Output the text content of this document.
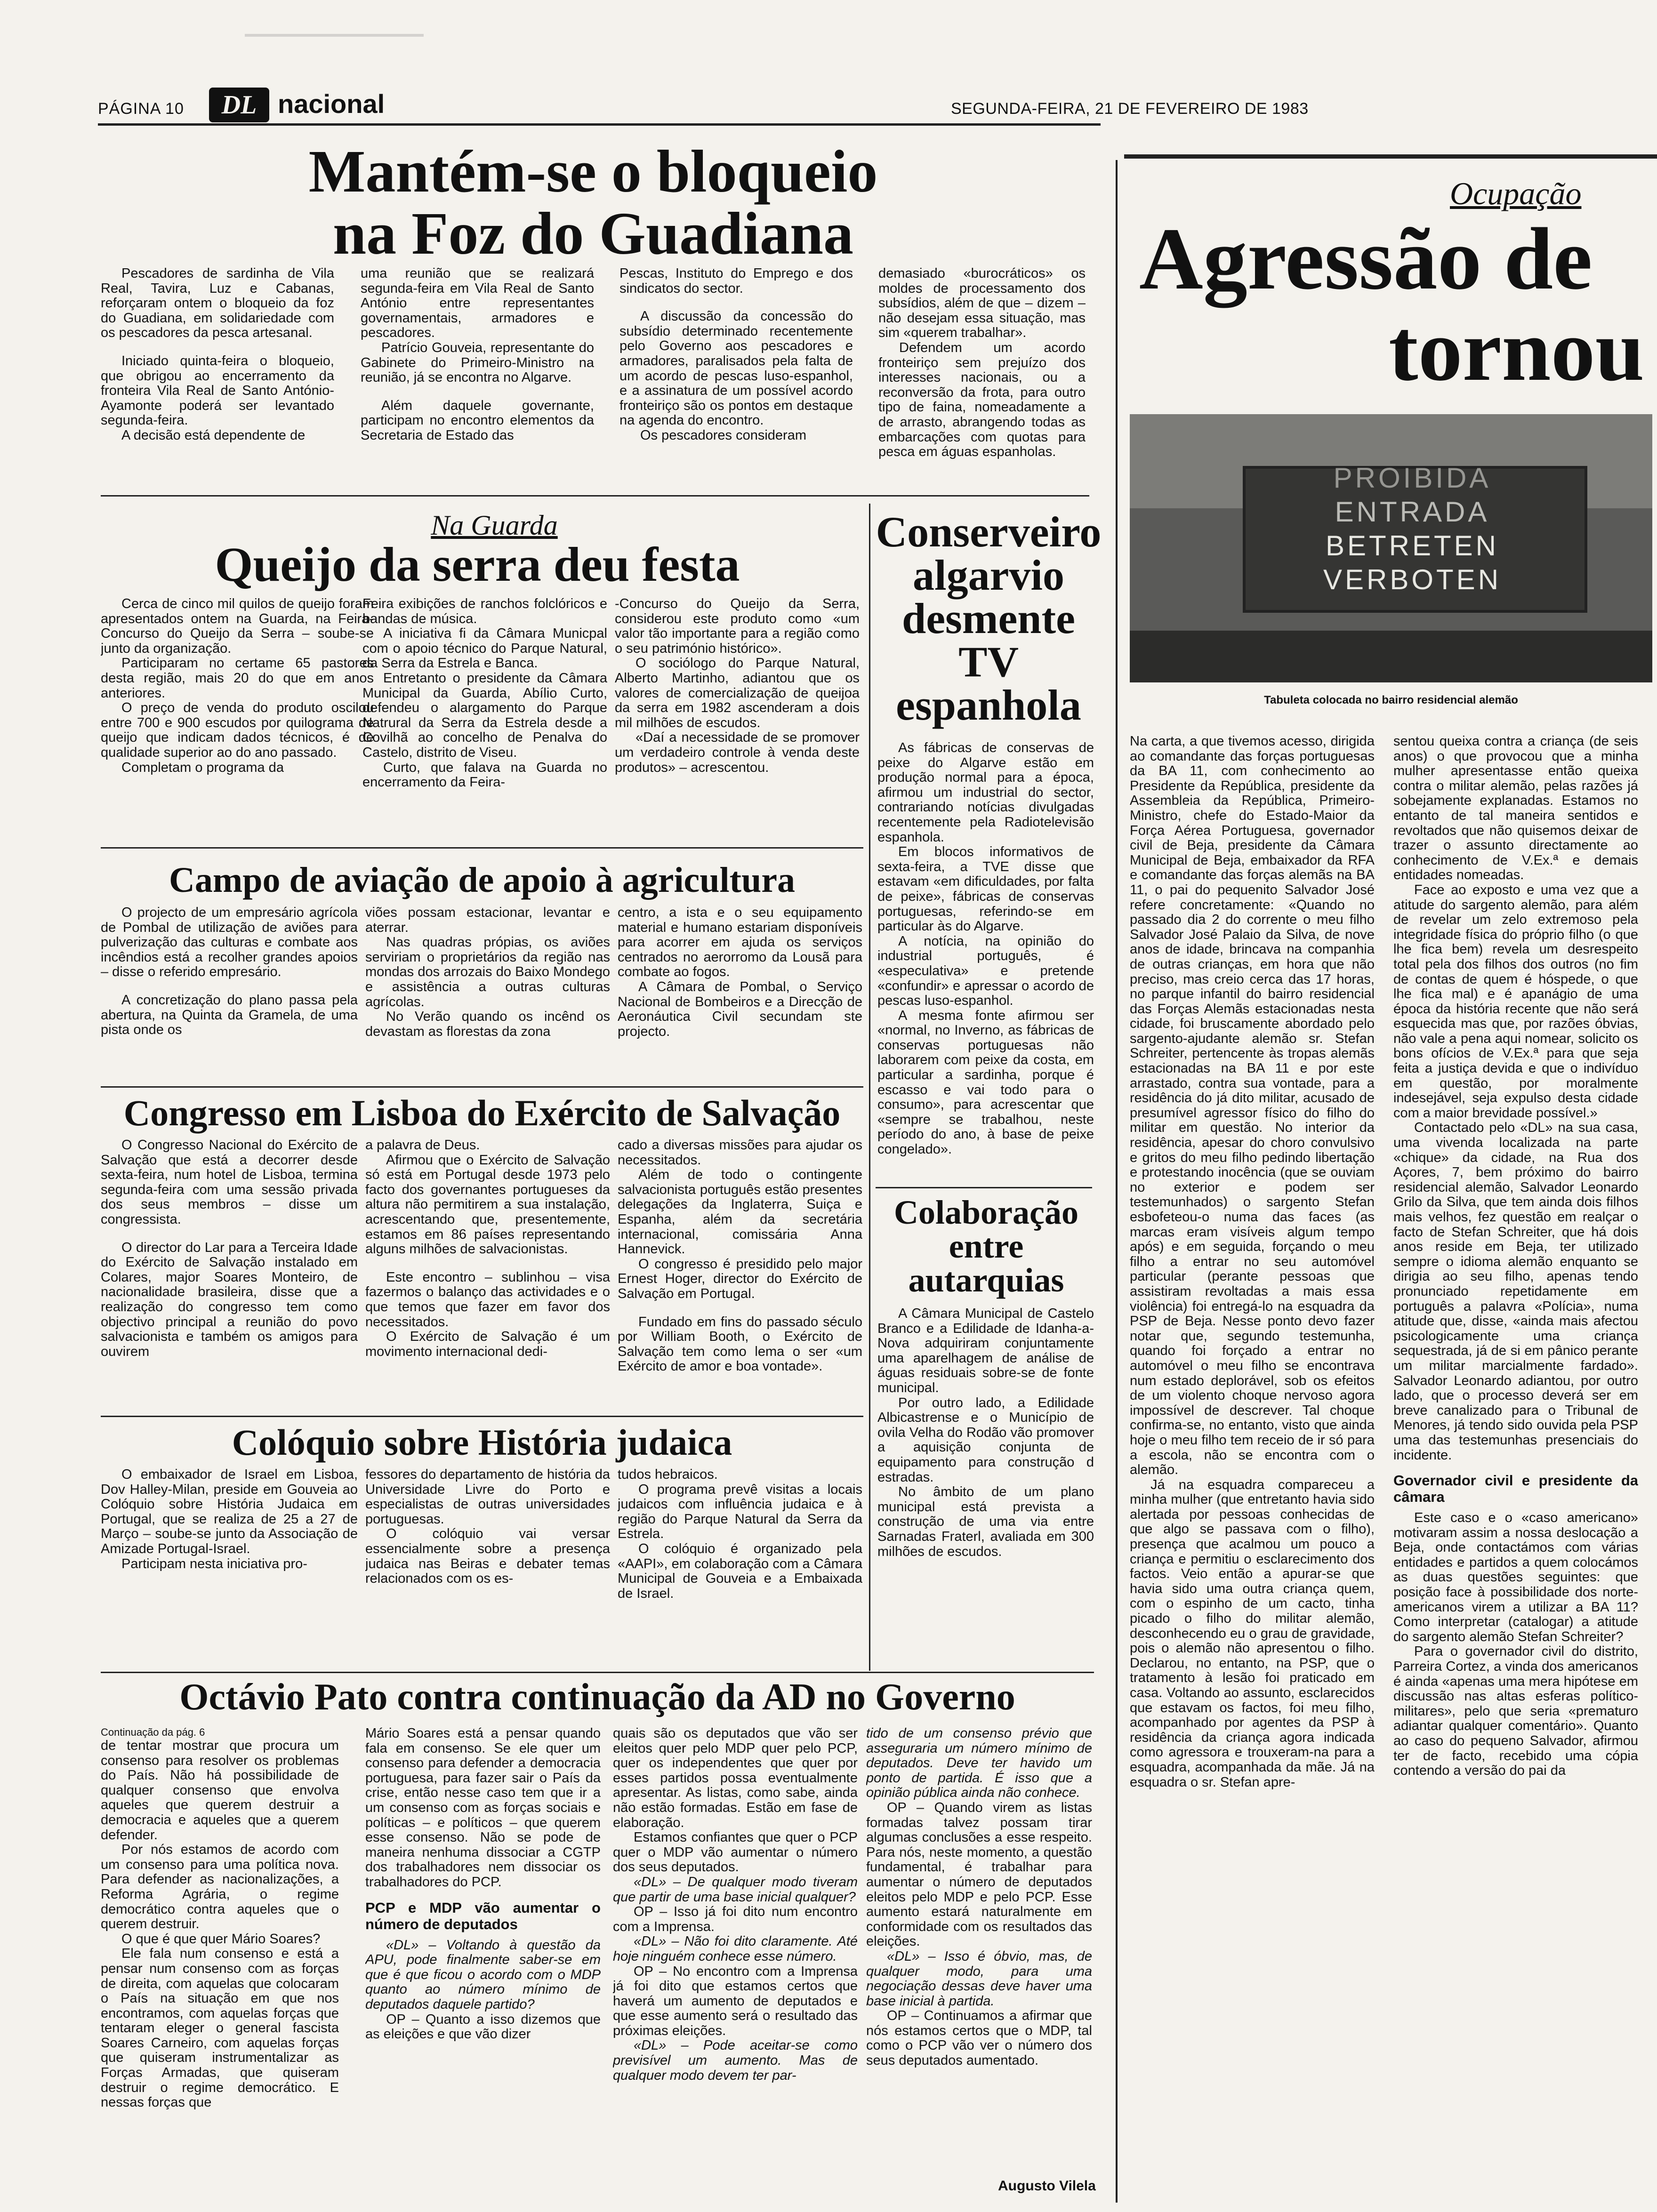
PÁGINA 10	DL nacional	SEGUNDA-FEIRA, 21 DE FEVEREIRO DE 1983
Mantém-se o bloqueio
na Foz do Guadiana

Pescadores de sardinha de Vila Real, Tavira, Luz e Cabanas, reforçaram ontem o bloqueio da foz do Guadiana, em solidariedade com os pescadores da pesca artesanal.

Iniciado quinta-feira o bloqueio, que obrigou ao encerramento da fronteira Vila Real de Santo António-Ayamonte poderá ser levantado segunda-feira.

A decisão está dependente de

uma reunião que se realizará segunda-feira em Vila Real de Santo António entre representantes governamentais, armadores e pescadores.

Patrício Gouveia, representante do Gabinete do Primeiro-Ministro na reunião, já se encontra no Algarve.

Além daquele governante, participam no encontro elementos da Secretaria de Estado das

Pescas, Instituto do Emprego e dos sindicatos do sector.

A discussão da concessão do subsídio determinado recentemente pelo Governo aos pescadores e armadores, paralisados pela falta de um acordo de pescas luso-espanhol, e a assinatura de um possível acordo fronteiriço são os pontos em destaque na agenda do encontro.

Os pescadores consideram

demasiado «burocráticos» os moldes de processamento dos subsídios, além de que – dizem – não desejam essa situação, mas sim «querem trabalhar».

Defendem um acordo fronteiriço sem prejuízo dos interesses nacionais, ou a reconversão da frota, para outro tipo de faina, nomeadamente a de arrasto, abrangendo todas as embarcações com quotas para pesca em águas espanholas.

Na Guarda
Queijo da serra deu festa

Cerca de cinco mil quilos de queijo foram apresentados ontem na Guarda, na Feira-Concurso do Queijo da Serra – soube-se junto da organização.

Participaram no certame 65 pastores desta região, mais 20 do que em anos anteriores.

O preço de venda do produto oscilou entre 700 e 900 escudos por quilograma de queijo que indicam dados técnicos, é de qualidade superior ao do ano passado.

Completam o programa da

Feira exibições de ranchos folclóricos e bandas de música.

A iniciativa fi da Câmara Municpal com o apoio técnico do Parque Natural, da Serra da Estrela e Banca.

Entretanto o presidente da Câmara Municipal da Guarda, Abílio Curto, defendeu o alargamento do Parque Natrural da Serra da Estrela desde a Covilhã ao concelho de Penalva do Castelo, distrito de Viseu.

Curto, que falava na Guarda no encerramento da Feira-

-Concurso do Queijo da Serra, considerou este produto como «um valor tão importante para a região como o seu património histórico».

O sociólogo do Parque Natural, Alberto Martinho, adiantou que os valores de comercialização de queijoa da serra em 1982 ascenderam a dois mil milhões de escudos.

«Daí a necessidade de se promover um verdadeiro controle à venda deste produtos» – acrescentou.

Conserveiro
algarvio
desmente
TV
espanhola

As fábricas de conservas de peixe do Algarve estão em produção normal para a época, afirmou um industrial do sector, contrariando notícias divulgadas recentemente pela Radiotelevisão espanhola.

Em blocos informativos de sexta-feira, a TVE disse que estavam «em dificuldades, por falta de peixe», fábricas de conservas portuguesas, referindo-se em particular às do Algarve.

A notícia, na opinião do industrial português, é «especulativa» e pretende «confundir» e apressar o acordo de pescas luso-espanhol.

A mesma fonte afirmou ser «normal, no Inverno, as fábricas de conservas portuguesas não laborarem com peixe da costa, em particular a sardinha, porque é escasso e vai todo para o consumo», para acrescentar que «sempre se trabalhou, neste período do ano, à base de peixe congelado».

Campo de aviação de apoio à agricultura

O projecto de um empresário agrícola de Pombal de utilização de aviões para pulverização das culturas e combate aos incêndios está a recolher grandes apoios – disse o referido empresário.

A concretização do plano passa pela abertura, na Quinta da Gramela, de uma pista onde os

viões possam estacionar, levantar e aterrar.

Nas quadras própias, os aviões serviriam o proprietários da região nas mondas dos arrozais do Baixo Mondego e assistência a outras culturas agrícolas.

No Verão quando os incênd os devastam as florestas da zona

centro, a ista e o seu equipamento material e humano estariam disponíveis para acorrer em ajuda os serviços centrados no aerorromo da Lousã para combate ao fogos.

A Câmara de Pombal, o Serviço Nacional de Bombeiros e a Direcção de Aeronáutica Civil secundam ste projecto.

Congresso em Lisboa do Exército de Salvação

O Congresso Nacional do Exército de Salvação que está a decorrer desde sexta-feira, num hotel de Lisboa, termina segunda-feira com uma sessão privada dos seus membros – disse um congressista.

O director do Lar para a Terceira Idade do Exército de Salvação instalado em Colares, major Soares Monteiro, de nacionalidade brasileira, disse que a realização do congresso tem como objectivo principal a reunião do povo salvacionista e também os amigos para ouvirem

a palavra de Deus.

Afirmou que o Exército de Salvação só está em Portugal desde 1973 pelo facto dos governantes portugueses da altura não permitirem a sua instalação, acrescentando que, presentemente, estamos em 86 países representando alguns milhões de salvacionistas.

Este encontro – sublinhou – visa fazermos o balanço das actividades e o que temos que fazer em favor dos necessitados.

O Exército de Salvação é um movimento internacional dedi-

cado a diversas missões para ajudar os necessitados.

Além de todo o contingente salvacionista português estão presentes delegações da Inglaterra, Suiça e Espanha, além da secretária internacional, comissária Anna Hannevick.

O congresso é presidido pelo major Ernest Hoger, director do Exército de Salvação em Portugal.

Fundado em fins do passado século por William Booth, o Exército de Salvação tem como lema o ser «um Exército de amor e boa vontade».

Colaboração
entre
autarquias

A Câmara Municipal de Castelo Branco e a Edilidade de Idanha-a-Nova adquiriram conjuntamente uma aparelhagem de análise de águas residuais sobre-se de fonte municipal.

Por outro lado, a Edilidade Albicastrense e o Município de ovila Velha do Rodão vão promover a aquisição conjunta de equipamento para construção d estradas.

No âmbito de um plano municipal está prevista a construção de uma via entre Sarnadas Fraterl, avaliada em 300 milhões de escudos.

Colóquio sobre História judaica

O embaixador de Israel em Lisboa, Dov Halley-Milan, preside em Gouveia ao Colóquio sobre História Judaica em Portugal, que se realiza de 25 a 27 de Março – soube-se junto da Associação de Amizade Portugal-Israel.

Participam nesta iniciativa pro-

fessores do departamento de história da Universidade Livre do Porto e especialistas de outras universidades portuguesas.

O colóquio vai versar essencialmente sobre a presença judaica nas Beiras e debater temas relacionados com os es-

tudos hebraicos.

O programa prevê visitas a locais judaicos com influência judaica e à região do Parque Natural da Serra da Estrela.

O colóquio é organizado pela «AAPI», em colaboração com a Câmara Municipal de Gouveia e a Embaixada de Israel.

Octávio Pato contra continuação da AD no Governo
Continuação da pág. 6

de tentar mostrar que procura um consenso para resolver os problemas do País. Não há possibilidade de qualquer consenso que envolva aqueles que querem destruir a democracia e aqueles que a querem defender.

Por nós estamos de acordo com um consenso para uma política nova. Para defender as nacionalizações, a Reforma Agrária, o regime democrático contra aqueles que o querem destruir.

O que é que quer Mário Soares?

Ele fala num consenso e está a pensar num consenso com as forças de direita, com aquelas que colocaram o País na situação em que nos encontramos, com aquelas forças que tentaram eleger o general fascista Soares Carneiro, com aquelas forças que quiseram instrumentalizar as Forças Armadas, que quiseram destruir o regime democrático. E nessas forças que

Mário Soares está a pensar quando fala em consenso. Se ele quer um consenso para defender a democracia portuguesa, para fazer sair o País da crise, então nesse caso tem que ir a um consenso com as forças sociais e políticas – e políticos – que querem esse consenso. Não se pode de maneira nenhuma dissociar a CGTP dos trabalhadores nem dissociar os trabalhadores do PCP.

PCP e MDP vão aumentar o número de deputados

«DL» – Voltando à questão da APU, pode finalmente saber-se em que é que ficou o acordo com o MDP quanto ao número mínimo de deputados daquele partido?

OP – Quanto a isso dizemos que as eleições e que vão dizer

quais são os deputados que vão ser eleitos quer pelo MDP quer pelo PCP, quer os independentes que quer por esses partidos possa eventualmente apresentar. As listas, como sabe, ainda não estão formadas. Estão em fase de elaboração.

Estamos confiantes que quer o PCP quer o MDP vão aumentar o número dos seus deputados.

«DL» – De qualquer modo tiveram que partir de uma base inicial qualquer?

OP – Isso já foi dito num encontro com a Imprensa.

«DL» – Não foi dito claramente. Até hoje ninguém conhece esse número.

OP – No encontro com a Imprensa já foi dito que estamos certos que haverá um aumento de deputados e que esse aumento será o resultado das próximas eleições.

«DL» – Pode aceitar-se como previsível um aumento. Mas de qualquer modo devem ter par-

tido de um consenso prévio que asseguraria um número mínimo de deputados. Deve ter havido um ponto de partida. É isso que a opinião pública ainda não conhece.

OP – Quando virem as listas formadas talvez possam tirar algumas conclusões a esse respeito. Para nós, neste momento, a questão fundamental, é trabalhar para aumentar o número de deputados eleitos pelo MDP e pelo PCP. Esse aumento estará naturalmente em conformidade com os resultados das eleições.

«DL» – Isso é óbvio, mas, de qualquer modo, para uma negociação dessas deve haver uma base inicial à partida.

OP – Continuamos a afirmar que nós estamos certos que o MDP, tal como o PCP vão ver o número dos seus deputados aumentado.

Augusto Vilela
Ocupação
Agressão de
tornou
PROIBIDA
ENTRADA
BETRETEN
VERBOTEN
Tabuleta colocada no bairro residencial alemão

Na carta, a que tivemos acesso, dirigida ao comandante das forças portuguesas da BA 11, com conhecimento ao Presidente da República, presidente da Assembleia da República, Primeiro-Ministro, chefe do Estado-Maior da Força Aérea Portuguesa, governador civil de Beja, presidente da Câmara Municipal de Beja, embaixador da RFA e comandante das forças alemãs na BA 11, o pai do pequenito Salvador José refere concretamente: «Quando no passado dia 2 do corrente o meu filho Salvador José Palaio da Silva, de nove anos de idade, brincava na companhia de outras crianças, em hora que não preciso, mas creio cerca das 17 horas, no parque infantil do bairro residencial das Forças Alemãs estacionadas nesta cidade, foi bruscamente abordado pelo sargento-ajudante alemão sr. Stefan Schreiter, pertencente às tropas alemãs estacionadas na BA 11 e por este arrastado, contra sua vontade, para a residência do já dito militar, acusado de presumível agressor físico do filho do militar em questão. No interior da residência, apesar do choro convulsivo e gritos do meu filho pedindo libertação e protestando inocência (que se ouviam no exterior e podem ser testemunhados) o sargento Stefan esbofeteou-o numa das faces (as marcas eram visíveis algum tempo após) e em seguida, forçando o meu filho a entrar no seu automóvel particular (perante pessoas que assistiram revoltadas a mais essa violência) foi entregá-lo na esquadra da PSP de Beja. Nesse ponto devo fazer notar que, segundo testemunha, quando foi forçado a entrar no automóvel o meu filho se encontrava num estado deplorável, sob os efeitos de um violento choque nervoso agora impossível de descrever. Tal choque confirma-se, no entanto, visto que ainda hoje o meu filho tem receio de ir só para a escola, não se encontra com o alemão.

Já na esquadra compareceu a minha mulher (que entretanto havia sido alertada por pessoas conhecidas de que algo se passava com o filho), presença que acalmou um pouco a criança e permitiu o esclarecimento dos factos. Veio então a apurar-se que havia sido uma outra criança quem, com o espinho de um cacto, tinha picado o filho do militar alemão, desconhecendo eu o grau de gravidade, pois o alemão não apresentou o filho. Declarou, no entanto, na PSP, que o tratamento à lesão foi praticado em casa. Voltando ao assunto, esclarecidos que estavam os factos, foi meu filho, acompanhado por agentes da PSP à residência da criança agora indicada como agressora e trouxeram-na para a esquadra, acompanhada da mãe. Já na esquadra o sr. Stefan apre-

sentou queixa contra a criança (de seis anos) o que provocou que a minha mulher apresentasse então queixa contra o militar alemão, pelas razões já sobejamente explanadas. Estamos no entanto de tal maneira sentidos e revoltados que não quisemos deixar de trazer o assunto directamente ao conhecimento de V.Ex.ª e demais entidades nomeadas.

Face ao exposto e uma vez que a atitude do sargento alemão, para além de revelar um zelo extremoso pela integridade física do próprio filho (o que lhe fica bem) revela um desrespeito total pela dos filhos dos outros (no fim de contas de quem é hóspede, o que lhe fica mal) e é apanágio de uma época da história recente que não será esquecida mas que, por razões óbvias, não vale a pena aqui nomear, solicito os bons ofícios de V.Ex.ª para que seja feita a justiça devida e que o indivíduo em questão, por moralmente indesejável, seja expulso desta cidade com a maior brevidade possível.»

Contactado pelo «DL» na sua casa, uma vivenda localizada na parte «chique» da cidade, na Rua dos Açores, 7, bem próximo do bairro residencial alemão, Salvador Leonardo Grilo da Silva, que tem ainda dois filhos mais velhos, fez questão em realçar o facto de Stefan Schreiter, que há dois anos reside em Beja, ter utilizado sempre o idioma alemão enquanto se dirigia ao seu filho, apenas tendo pronunciado repetidamente em português a palavra «Polícia», numa atitude que, disse, «ainda mais afectou psicologicamente uma criança sequestrada, já de si em pânico perante um militar marcialmente fardado». Salvador Leonardo adiantou, por outro lado, que o processo deverá ser em breve canalizado para o Tribunal de Menores, já tendo sido ouvida pela PSP uma das testemunhas presenciais do incidente.

Governador civil e presidente da câmara

Este caso e o «caso americano» motivaram assim a nossa deslocação a Beja, onde contactámos com várias entidades e partidos a quem colocámos as duas questões seguintes: que posição face à possibilidade dos norte-americanos virem a utilizar a BA 11? Como interpretar (catalogar) a atitude do sargento alemão Stefan Schreiter?

Para o governador civil do distrito, Parreira Cortez, a vinda dos americanos é ainda «apenas uma mera hipótese em discussão nas altas esferas político-militares», pelo que seria «prematuro adiantar qualquer comentário». Quanto ao caso do pequeno Salvador, afirmou ter de facto, recebido uma cópia contendo a versão do pai da
